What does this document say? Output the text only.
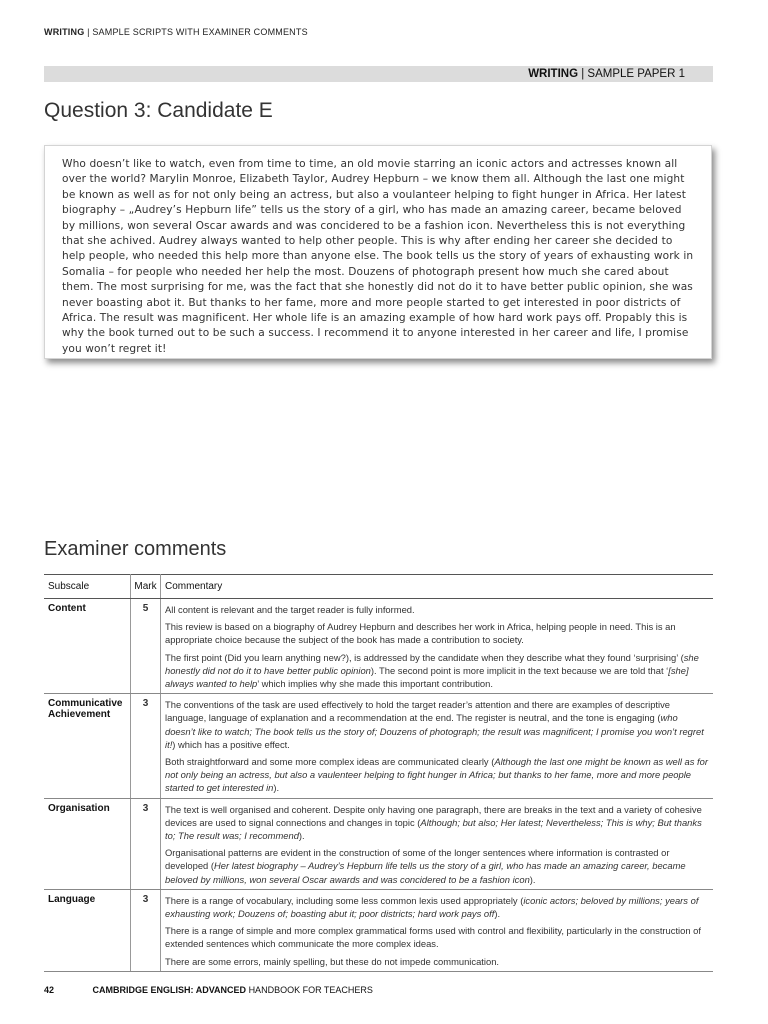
WRITING | SAMPLE SCRIPTS WITH EXAMINER COMMENTS
WRITING | SAMPLE PAPER 1
Question 3: Candidate E

Who doesn’t like to watch, even from time to time, an old movie starring an iconic actors and actresses known all over the world? Marylin Monroe, Elizabeth Taylor, Audrey Hepburn – we know them all. Although the last one might be known as well as for not only being an actress, but also a voulanteer helping to fight hunger in Africa. Her latest biography – „Audrey’s Hepburn life” tells us the story of a girl, who has made an amazing career, became beloved by millions, won several Oscar awards and was concidered to be a fashion icon. Nevertheless this is not everything that she achived. Audrey always wanted to help other people. This is why after ending her career she decided to help people, who needed this help more than anyone else. The book tells us the story of years of exhausting work in Somalia – for people who needed her help the most. Douzens of photograph present how much she cared about them. The most surprising for me, was the fact that she honestly did not do it to have better public opinion, she was never boasting abot it. But thanks to her fame, more and more people started to get interested in poor districts of Africa. The result was magnificent. Her whole life is an amazing example of how hard work pays off. Propably this is why the book turned out to be such a success. I recommend it to anyone interested in her career and life, I promise you won’t regret it!

Examiner comments
Subscale	Mark	Commentary
Content	5	All content is relevant and the target reader is fully informed.

This review is based on a biography of Audrey Hepburn and describes her work in Africa, helping people in need. This is an appropriate choice because the subject of the book has made a contribution to society.

The first point (Did you learn anything new?), is addressed by the candidate when they describe what they found ‘surprising’ (she honestly did not do it to have better public opinion). The second point is more implicit in the text because we are told that ‘[she] always wanted to help’ which implies why she made this important contribution.

Communicative Achievement	3	The conventions of the task are used effectively to hold the target reader’s attention and there are examples of descriptive language, language of explanation and a recommendation at the end. The register is neutral, and the tone is engaging (who doesn’t like to watch; The book tells us the story of; Douzens of photograph; the result was magnificent; I promise you won’t regret it!) which has a positive effect.

Both straightforward and some more complex ideas are communicated clearly (Although the last one might be known as well as for not only being an actress, but also a vaulenteer helping to fight hunger in Africa; but thanks to her fame, more and more people started to get interested in).

Organisation	3	The text is well organised and coherent. Despite only having one paragraph, there are breaks in the text and a variety of cohesive devices are used to signal connections and changes in topic (Although; but also; Her latest; Nevertheless; This is why; But thanks to; The result was; I recommend).

Organisational patterns are evident in the construction of some of the longer sentences where information is contrasted or developed (Her latest biography – Audrey’s Hepburn life tells us the story of a girl, who has made an amazing career, became beloved by millions, won several Oscar awards and was concidered to be a fashion icon).

Language	3	There is a range of vocabulary, including some less common lexis used appropriately (iconic actors; beloved by millions; years of exhausting work; Douzens of; boasting abut it; poor districts; hard work pays off).

There is a range of simple and more complex grammatical forms used with control and flexibility, particularly in the construction of extended sentences which communicate the more complex ideas.

There are some errors, mainly spelling, but these do not impede communication.

42	CAMBRIDGE ENGLISH: ADVANCED HANDBOOK FOR TEACHERS
